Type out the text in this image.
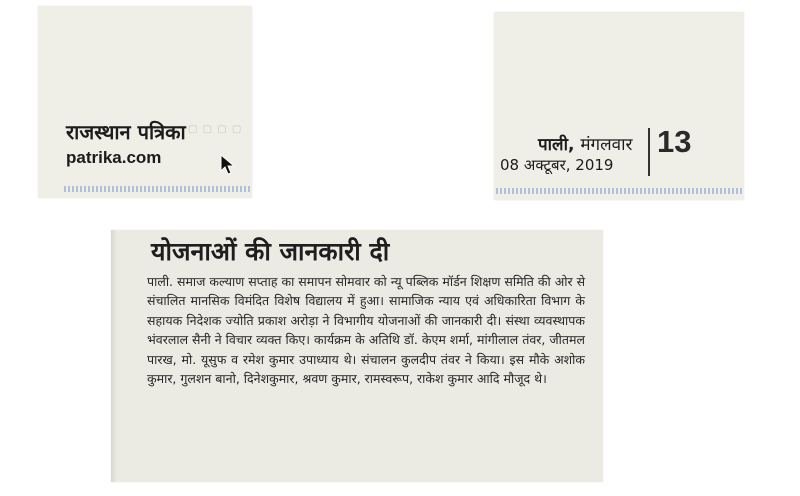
▢ ▢ ▢ ▢
राजस्थान पत्रिका
patrika.com
पाली, मंगलवार
08 अक्टूबर, 2019
13
योजनाओं की जानकारी दी
पाली. समाज कल्याण सप्ताह का समापन सोमवार को न्यू पब्लिक मॉर्डन शिक्षण समिति की ओर से संचालित मानसिक विमंदित विशेष विद्यालय में हुआ। सामाजिक न्याय एवं अधिकारिता विभाग के सहायक निदेशक ज्योति प्रकाश अरोड़ा ने विभागीय योजनाओं की जानकारी दी। संस्था व्यवस्थापक भंवरलाल सैनी ने विचार व्यक्त किए। कार्यक्रम के अतिथि डॉ. केएम शर्मा, मांगीलाल तंवर, जीतमल पारख, मो. यूसुफ व रमेश कुमार उपाध्याय थे। संचालन कुलदीप तंवर ने किया। इस मौके अशोक कुमार, गुलशन बानो, दिनेशकुमार, श्रवण कुमार, रामस्वरूप, राकेश कुमार आदि मौजूद थे।
